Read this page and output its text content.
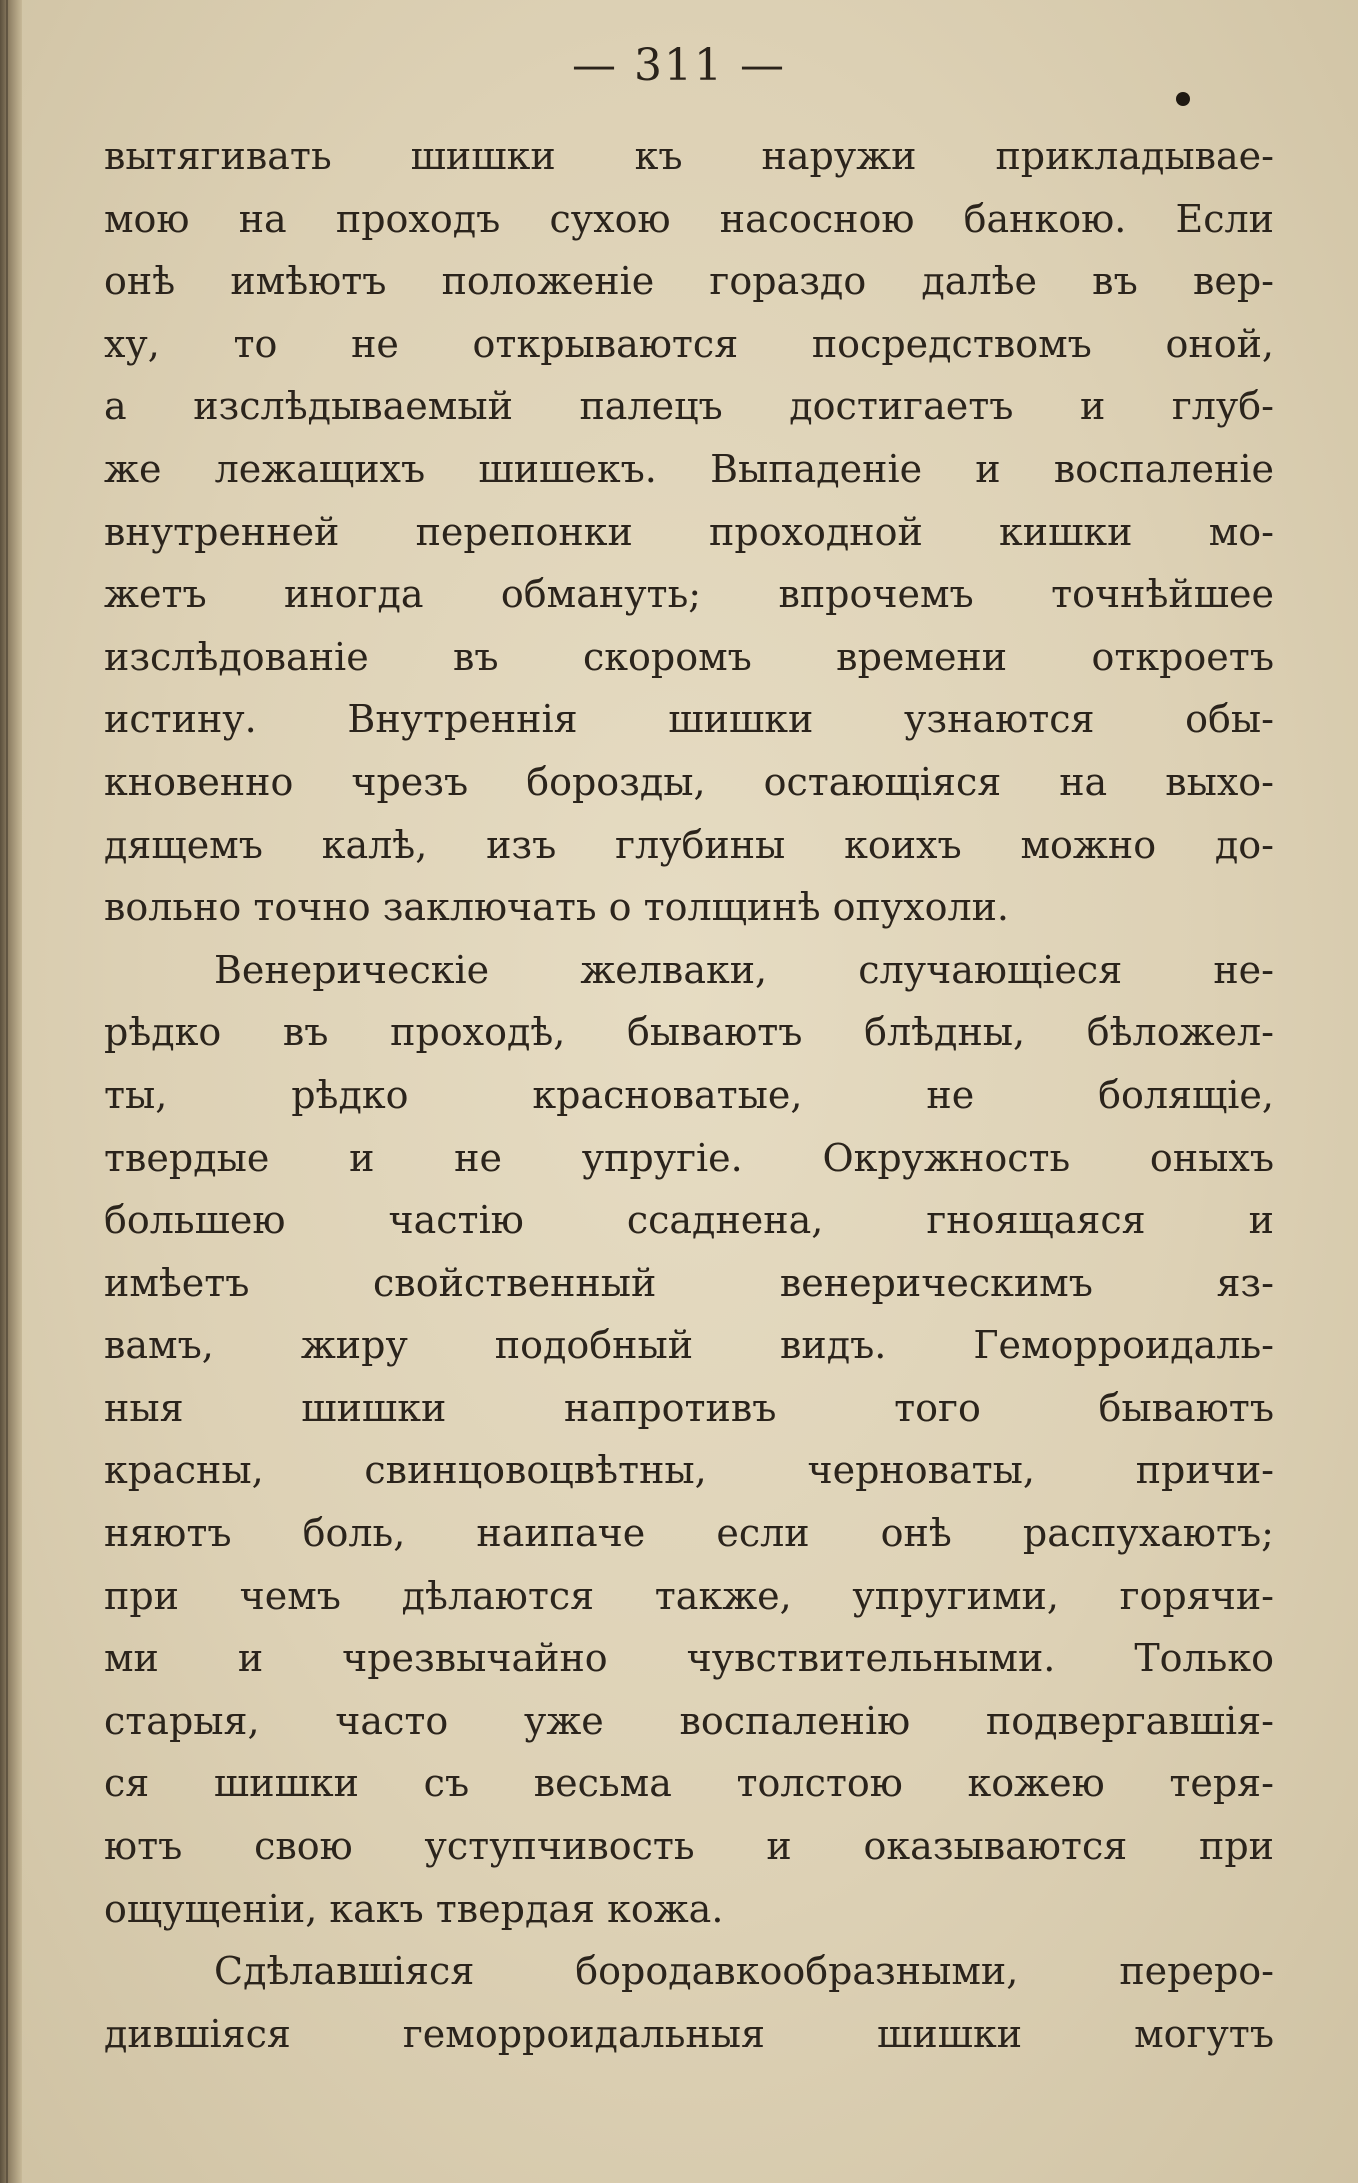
— 311 —
вытягивать шишки къ наружи прикладывае-
мою на проходъ сухою насосною банкою. Если
онѣ имѣютъ положеніе гораздо далѣе въ вер-
ху, то не открываются посредствомъ оной,
а изслѣдываемый палецъ достигаетъ и глуб-
же лежащихъ шишекъ. Выпаденіе и воспаленіе
внутренней перепонки проходной кишки мо-
жетъ иногда обмануть; впрочемъ точнѣйшее
изслѣдованіе въ скоромъ времени откроетъ
истину. Внутреннія шишки узнаются обы-
кновенно чрезъ борозды, остающіяся на выхо-
дящемъ калѣ, изъ глубины коихъ можно до-
вольно точно заключать о толщинѣ опухоли.
Венерическіе желваки, случающіеся не-
рѣдко въ проходѣ, бываютъ блѣдны, бѣложел-
ты, рѣдко красноватые, не болящіе,
твердые и не упругіе. Окружность оныхъ
большею частію ссаднена, гноящаяся и
имѣетъ свойственный венерическимъ яз-
вамъ, жиру подобный видъ. Геморроидаль-
ныя шишки напротивъ того бываютъ
красны, свинцовоцвѣтны, черноваты, причи-
няютъ боль, наипаче если онѣ распухаютъ;
при чемъ дѣлаются также, упругими, горячи-
ми и чрезвычайно чувствительными. Только
старыя, часто уже воспаленію подвергавшія-
ся шишки съ весьма толстою кожею теря-
ютъ свою уступчивость и оказываются при
ощущеніи, какъ твердая кожа.
Сдѣлавшіяся бородавкообразными, переро-
дившіяся геморроидальныя шишки могутъ
